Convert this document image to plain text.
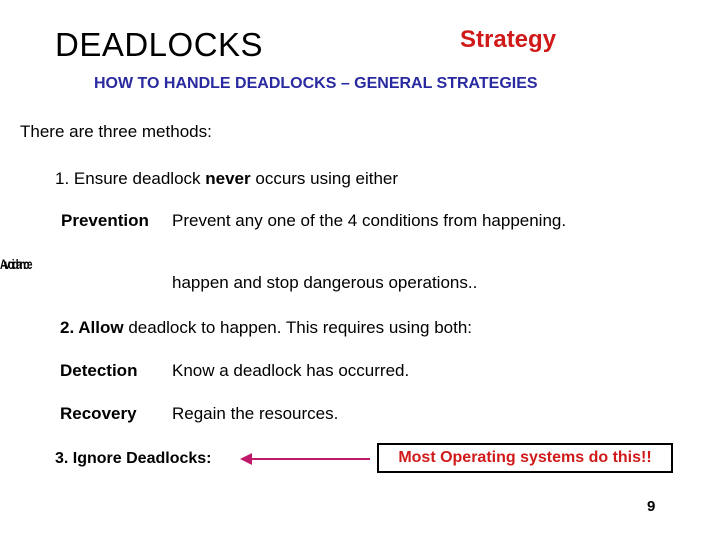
DEADLOCKS	Strategy
HOW TO HANDLE DEADLOCKS – GENERAL STRATEGIES
There are three methods:
1. Ensure deadlock never occurs using either
Prevention Prevent any one of the 4 conditions from happening.
Avoidance
happen and stop dangerous operations..
2. Allow deadlock to happen. This requires using both:
Detection Know a deadlock has occurred.
Recovery Regain the resources.
3. Ignore Deadlocks:	Most Operating systems do this!!
9
